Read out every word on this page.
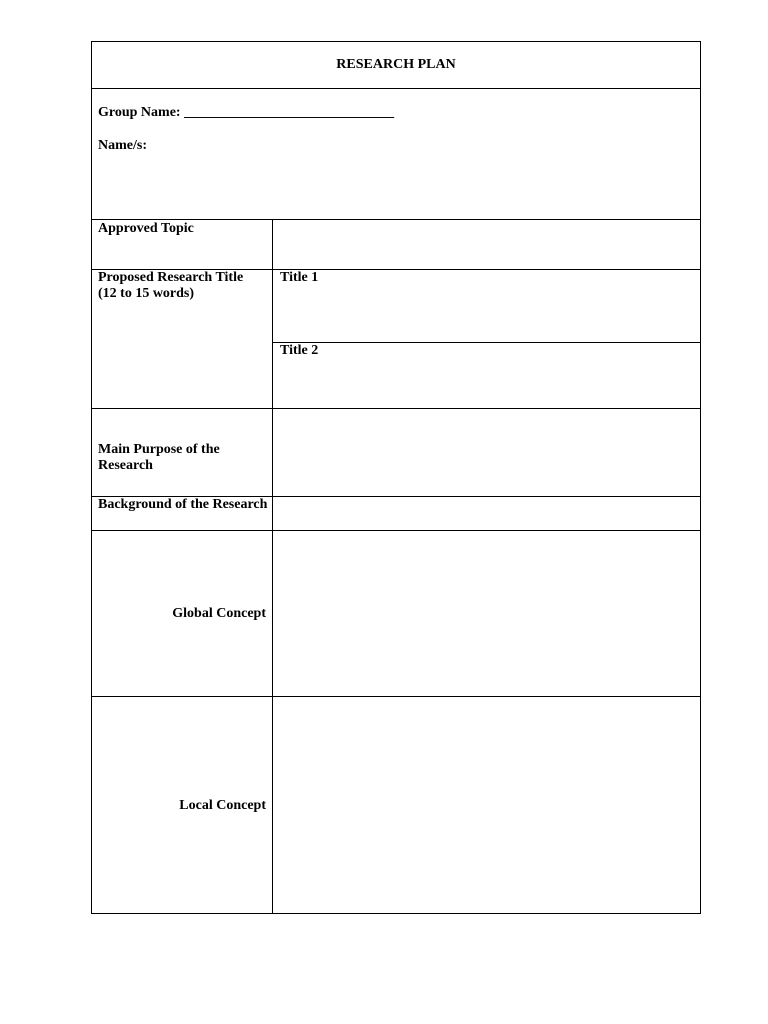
RESEARCH PLAN
Group Name: ______________________________
Name/s:
Approved Topic
Proposed Research Title
(12 to 15 words)
Title 1
Title 2
Main Purpose of the
Research
Background of the Research
Global Concept
Local Concept
